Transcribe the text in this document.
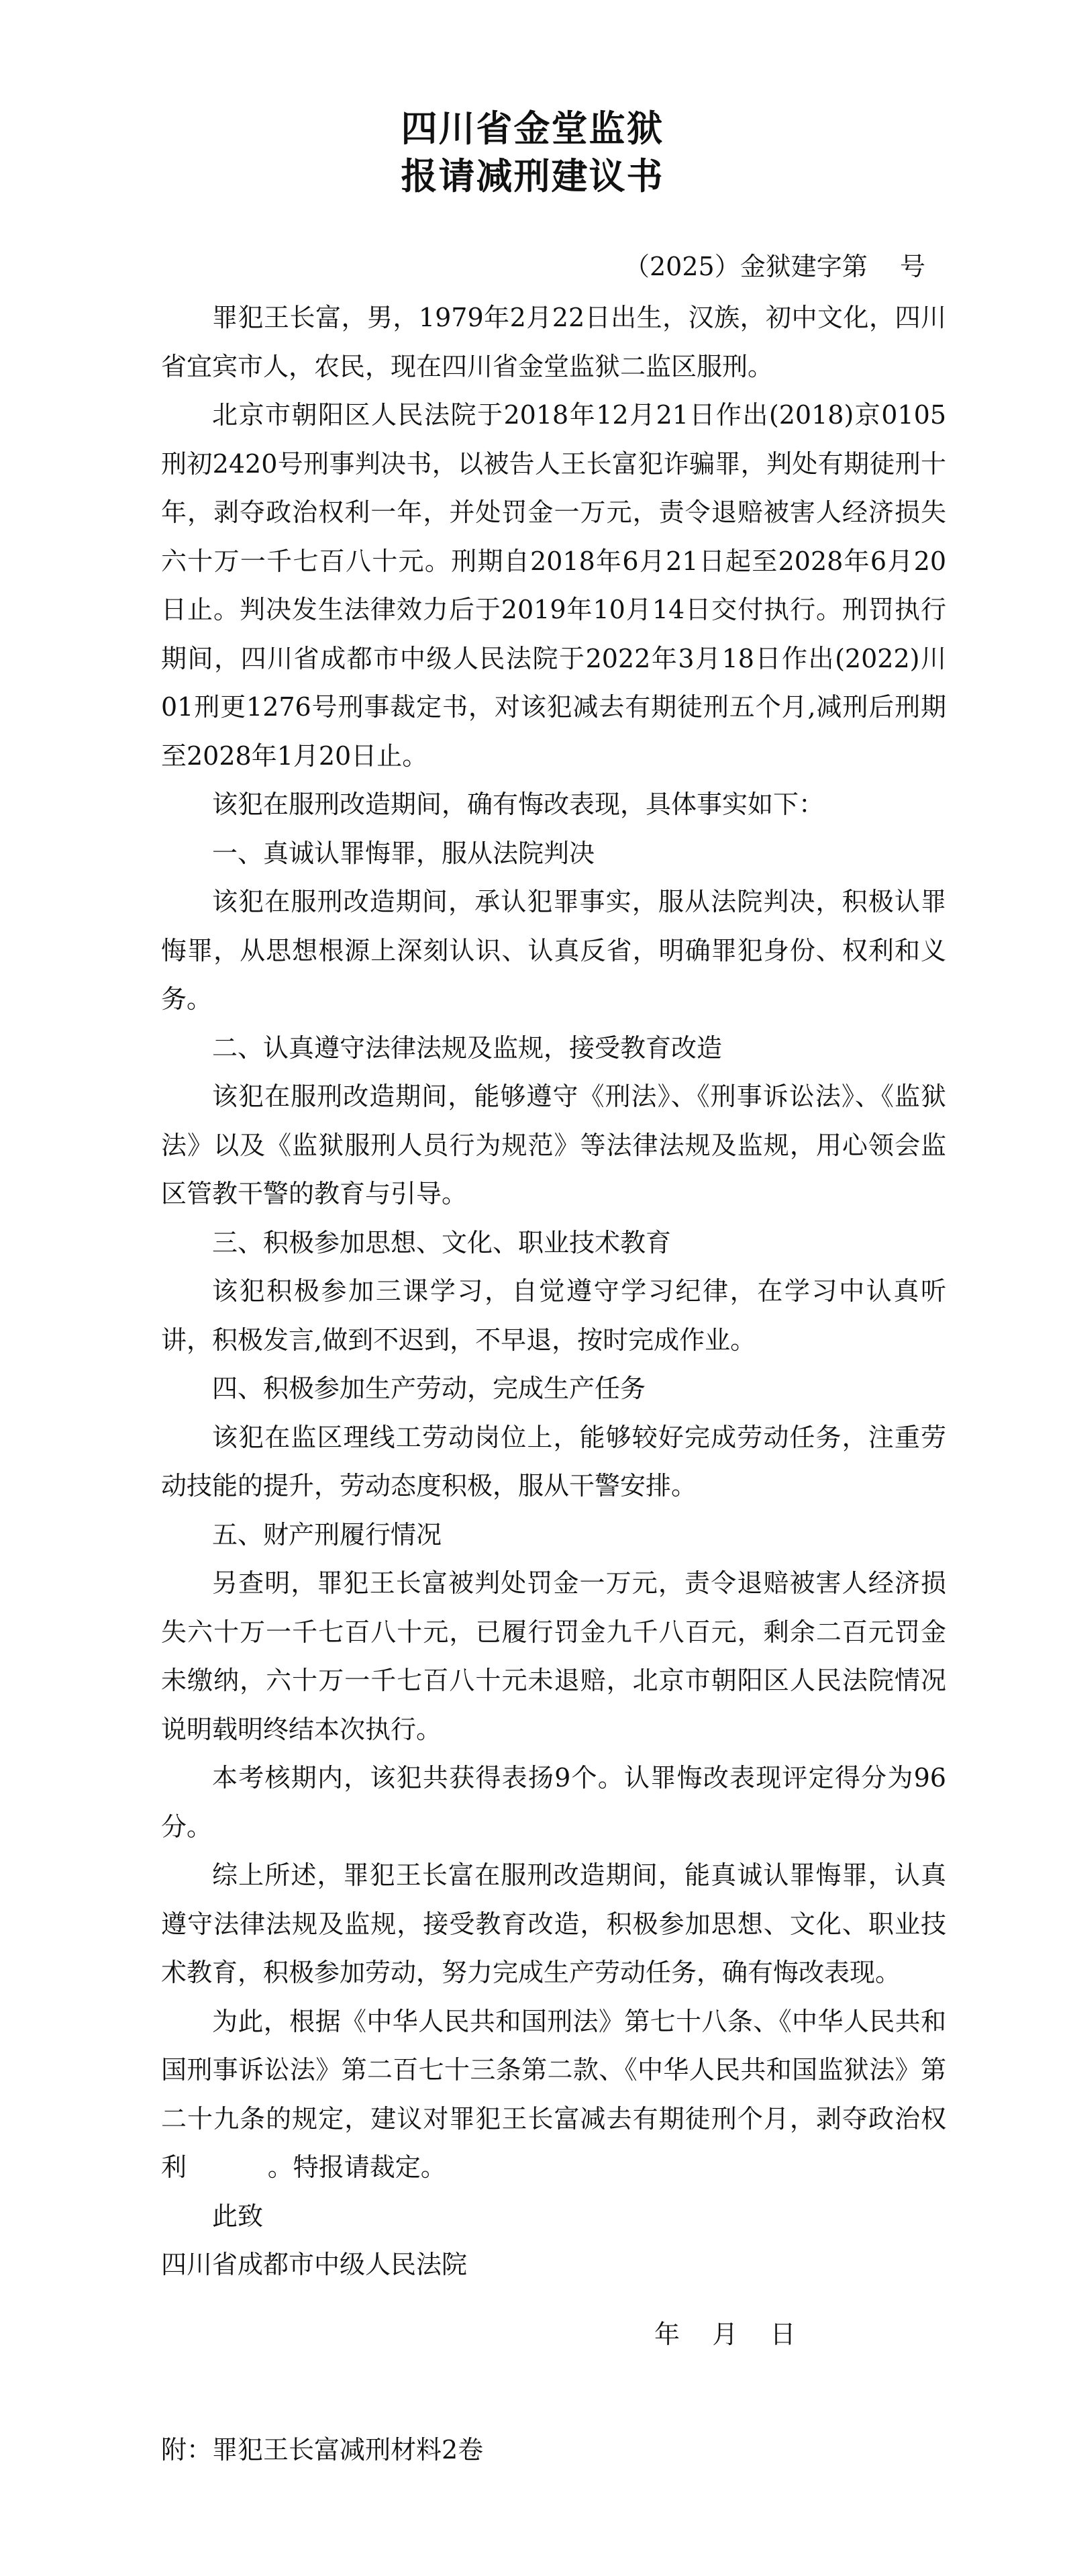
四川省金堂监狱
报请减刑建议书
（2025）金狱建字第    号

罪犯王长富，男，1979年2月22日出生，汉族，初中文化，四川省宜宾市人，农民，现在四川省金堂监狱二监区服刑。

北京市朝阳区人民法院于2018年12月21日作出(2018)京0105刑初2420号刑事判决书，以被告人王长富犯诈骗罪，判处有期徒刑十年，剥夺政治权利一年，并处罚金一万元，责令退赔被害人经济损失六十万一千七百八十元。刑期自2018年6月21日起至2028年6月20日止。判决发生法律效力后于2019年10月14日交付执行。刑罚执行期间，四川省成都市中级人民法院于2022年3月18日作出(2022)川01刑更1276号刑事裁定书，对该犯减去有期徒刑五个月,减刑后刑期至2028年1月20日止。

该犯在服刑改造期间，确有悔改表现，具体事实如下：

一、真诚认罪悔罪，服从法院判决

该犯在服刑改造期间，承认犯罪事实，服从法院判决，积极认罪悔罪，从思想根源上深刻认识、认真反省，明确罪犯身份、权利和义务。

二、认真遵守法律法规及监规，接受教育改造

该犯在服刑改造期间，能够遵守《刑法》、《刑事诉讼法》、《监狱法》以及《监狱服刑人员行为规范》等法律法规及监规，用心领会监区管教干警的教育与引导。

三、积极参加思想、文化、职业技术教育

该犯积极参加三课学习，自觉遵守学习纪律，在学习中认真听讲，积极发言,做到不迟到，不早退，按时完成作业。

四、积极参加生产劳动，完成生产任务

该犯在监区理线工劳动岗位上，能够较好完成劳动任务，注重劳动技能的提升，劳动态度积极，服从干警安排。

五、财产刑履行情况

另查明，罪犯王长富被判处罚金一万元，责令退赔被害人经济损失六十万一千七百八十元，已履行罚金九千八百元，剩余二百元罚金未缴纳，六十万一千七百八十元未退赔，北京市朝阳区人民法院情况说明载明终结本次执行。

本考核期内，该犯共获得表扬9个。认罪悔改表现评定得分为96分。

综上所述，罪犯王长富在服刑改造期间，能真诚认罪悔罪，认真遵守法律法规及监规，接受教育改造，积极参加思想、文化、职业技术教育，积极参加劳动，努力完成生产劳动任务，确有悔改表现。

为此，根据《中华人民共和国刑法》第七十八条、《中华人民共和国刑事诉讼法》第二百七十三条第二款、《中华人民共和国监狱法》第二十九条的规定，建议对罪犯王长富减去有期徒刑个月，剥夺政治权利          。特报请裁定。

此致

四川省成都市中级人民法院

年    月    日
附：罪犯王长富减刑材料2卷
